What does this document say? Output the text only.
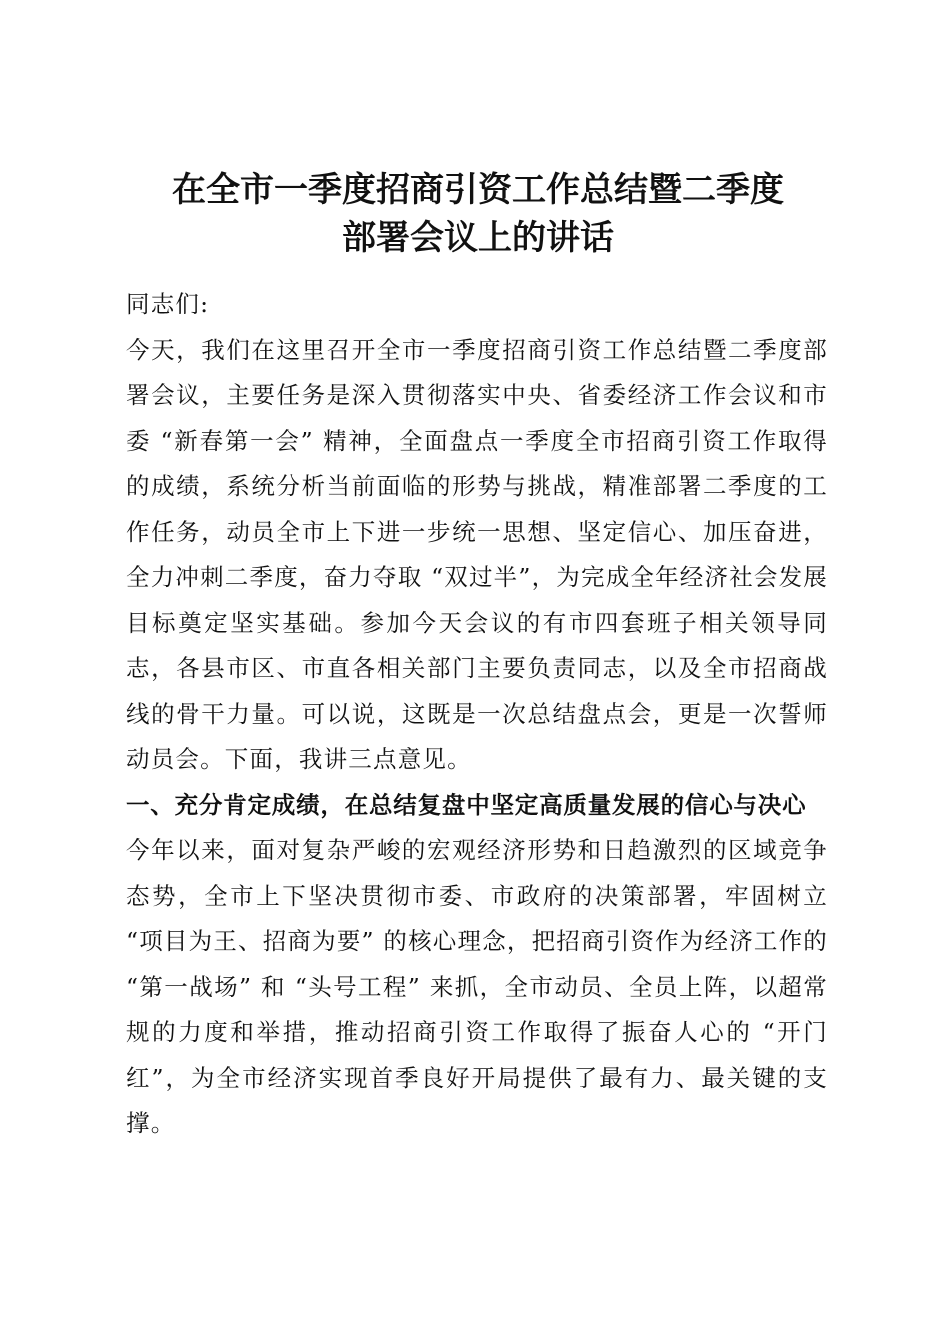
在全市一季度招商引资工作总结暨二季度
部署会议上的讲话

同志们:

今天，我们在这里召开全市一季度招商引资工作总结暨二季度部署会议，主要任务是深入贯彻落实中央、省委经济工作会议和市委 “新春第一会” 精神，全面盘点一季度全市招商引资工作取得的成绩，系统分析当前面临的形势与挑战，精准部署二季度的工作任务，动员全市上下进一步统一思想、坚定信心、加压奋进，全力冲刺二季度，奋力夺取 “双过半”，为完成全年经济社会发展目标奠定坚实基础。参加今天会议的有市四套班子相关领导同志，各县市区、市直各相关部门主要负责同志，以及全市招商战线的骨干力量。可以说，这既是一次总结盘点会，更是一次誓师动员会。下面，我讲三点意见。

一、充分肯定成绩，在总结复盘中坚定高质量发展的信心与决心

今年以来，面对复杂严峻的宏观经济形势和日趋激烈的区域竞争态势，全市上下坚决贯彻市委、市政府的决策部署，牢固树立 “项目为王、招商为要” 的核心理念，把招商引资作为经济工作的 “第一战场” 和 “头号工程” 来抓，全市动员、全员上阵，以超常规的力度和举措，推动招商引资工作取得了振奋人心的 “开门红”，为全市经济实现首季良好开局提供了最有力、最关键的支撑。
